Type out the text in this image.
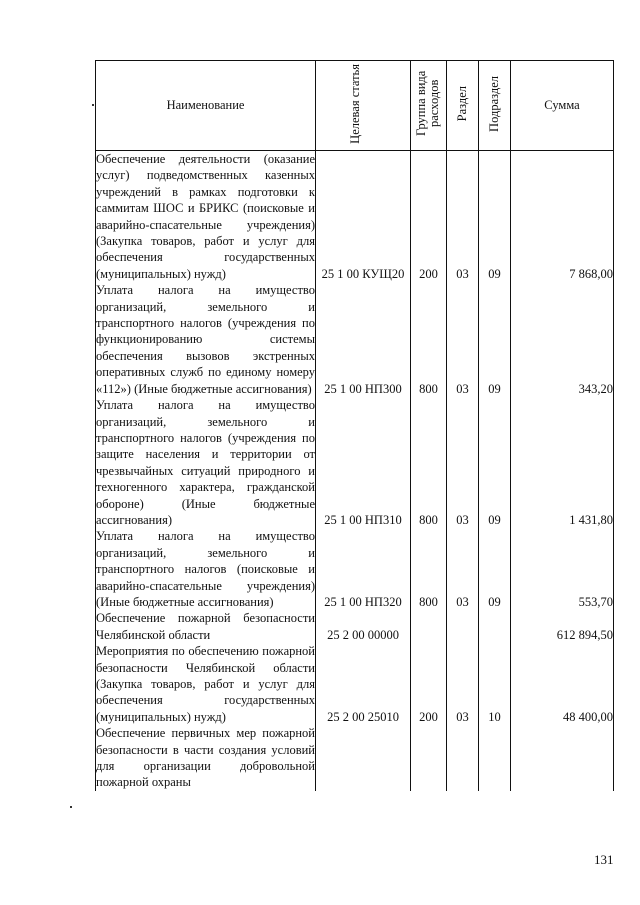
Наименование	Целевая статья	Группа вида расходов	Раздел	Подраздел	Сумма

Обеспечение деятельности (оказание услуг) подведомственных казенных учреждений в рамках подготовки к саммитам ШОС и БРИКС (поисковые и аварийно-спасательные учреждения) (Закупка товаров, работ и услуг для обеспечения государственных (муниципальных) нужд)	25 1 00 КУЩ20	200	03	09	7 868,00

Уплата налога на имущество организаций, земельного и транспортного налогов (учреждения по функционированию системы обеспечения вызовов экстренных оперативных служб по единому номеру «112») (Иные бюджетные ассигнования)	25 1 00 НП300	800	03	09	343,20

Уплата налога на имущество организаций, земельного и транспортного налогов (учреждения по защите населения и территории от чрезвычайных ситуаций природного и техногенного характера, гражданской обороне) (Иные бюджетные ассигнования)	25 1 00 НП310	800	03	09	1 431,80

Уплата налога на имущество организаций, земельного и транспортного налогов (поисковые и аварийно-спасательные учреждения) (Иные бюджетные ассигнования)	25 1 00 НП320	800	03	09	553,70

Обеспечение пожарной безопасности Челябинской области	25 2 00 00000				612 894,50

Мероприятия по обеспечению пожарной безопасности Челябинской области (Закупка товаров, работ и услуг для обеспечения государственных (муниципальных) нужд)	25 2 00 25010	200	03	10	48 400,00

Обеспечение первичных мер пожарной безопасности в части создания условий для организации добровольной пожарной охраны					

131
